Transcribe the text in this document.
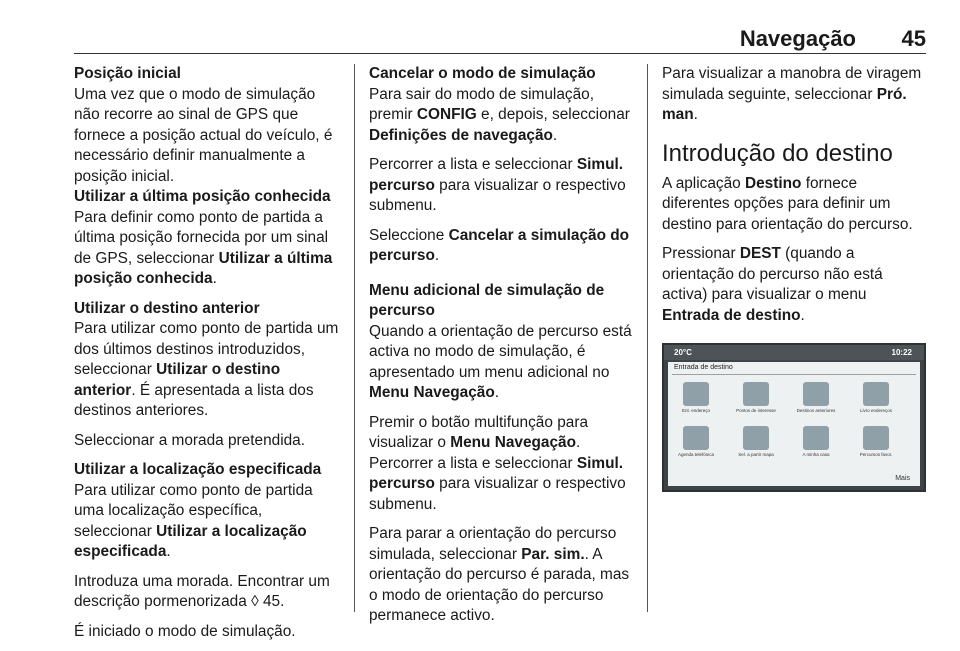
Navegação 45

Posição inicial

Uma vez que o modo de simulação não recorre ao sinal de GPS que fornece a posição actual do veículo, é necessário definir manualmente a posição inicial.

Utilizar a última posição conhecida

Para definir como ponto de partida a última posição fornecida por um sinal de GPS, seleccionar Utilizar a última posição conhecida.

Utilizar o destino anterior

Para utilizar como ponto de partida um dos últimos destinos introduzidos, seleccionar Utilizar o destino anterior. É apresentada a lista dos destinos anteriores.

Seleccionar a morada pretendida.

Utilizar a localização especificada

Para utilizar como ponto de partida uma localização específica, seleccionar Utilizar a localização especificada.

Introduza uma morada. Encontrar um descrição pormenorizada ◊ 45.

É iniciado o modo de simulação.

Cancelar o modo de simulação

Para sair do modo de simulação, premir CONFIG e, depois, seleccionar Definições de navegação.

Percorrer a lista e seleccionar Simul. percurso para visualizar o respectivo submenu.

Seleccione Cancelar a simulação do percurso.

Menu adicional de simulação de percurso

Quando a orientação de percurso está activa no modo de simulação, é apresentado um menu adicional no Menu Navegação.

Premir o botão multifunção para visualizar o Menu Navegação.

Percorrer a lista e seleccionar Simul. percurso para visualizar o respectivo submenu.

Para parar a orientação do percurso simulada, seleccionar Par. sim.. A orientação do percurso é parada, mas o modo de orientação do percurso permanece activo.

Para visualizar a manobra de viragem simulada seguinte, seleccionar Pró. man.

Introdução do destino

A aplicação Destino fornece diferentes opções para definir um destino para orientação do percurso.

Pressionar DEST (quando a orientação do percurso não está activa) para visualizar o menu Entrada de destino.

20°C	10:22
Entrada de destino
Ent. endereço	Pontos de interesse	Destinos anteriores	Livro endereços
Agenda telefónica	Sel. a partir mapa	A minha casa	Percursos favor.
Mais
